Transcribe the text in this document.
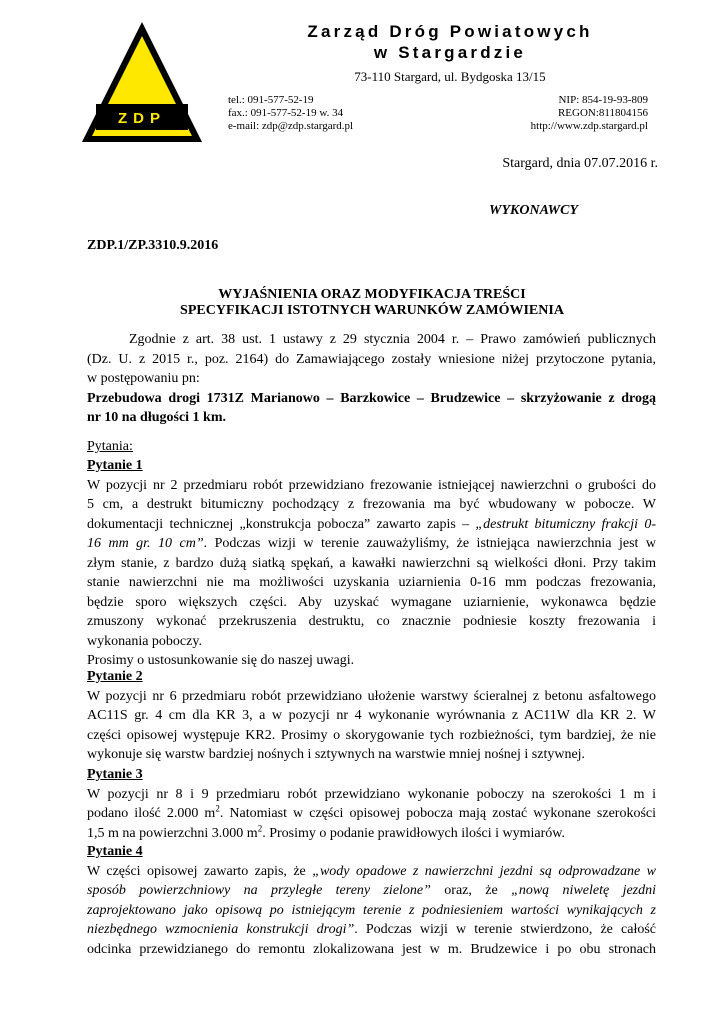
ZDP
Zarząd Dróg Powiatowych
w Stargardzie
73-110 Stargard, ul. Bydgoska 13/15
tel.: 091-577-52-19
fax.: 091-577-52-19 w. 34
e-mail: zdp@zdp.stargard.pl
NIP: 854-19-93-809
REGON:811804156
http://www.zdp.stargard.pl
Stargard, dnia 07.07.2016 r.
WYKONAWCY
ZDP.1/ZP.3310.9.2016
WYJAŚNIENIA ORAZ MODYFIKACJA TREŚCI
SPECYFIKACJI ISTOTNYCH WARUNKÓW ZAMÓWIENIA
Zgodnie z art. 38 ust. 1 ustawy z 29 stycznia 2004 r. – Prawo zamówień publicznych
(Dz. U. z 2015 r., poz. 2164) do Zamawiającego zostały wniesione niżej przytoczone pytania,
w postępowaniu pn:
Przebudowa drogi 1731Z Marianowo – Barzkowice – Brudzewice – skrzyżowanie z drogą
nr 10 na długości 1 km.
Pytania:
Pytanie 1
W pozycji nr 2 przedmiaru robót przewidziano frezowanie istniejącej nawierzchni o grubości do
5 cm, a destrukt bitumiczny pochodzący z frezowania ma być wbudowany w pobocze. W
dokumentacji technicznej „konstrukcja pobocza” zawarto zapis – „destrukt bitumiczny frakcji 0-
16 mm gr. 10 cm”. Podczas wizji w terenie zauważyliśmy, że istniejąca nawierzchnia jest w
złym stanie, z bardzo dużą siatką spękań, a kawałki nawierzchni są wielkości dłoni. Przy takim
stanie nawierzchni nie ma możliwości uzyskania uziarnienia 0-16 mm podczas frezowania,
będzie sporo większych części. Aby uzyskać wymagane uziarnienie, wykonawca będzie
zmuszony wykonać przekruszenia destruktu, co znacznie podniesie koszty frezowania i
wykonania poboczy.
Prosimy o ustosunkowanie się do naszej uwagi.
Pytanie 2
W pozycji nr 6 przedmiaru robót przewidziano ułożenie warstwy ścieralnej z betonu asfaltowego
AC11S gr. 4 cm dla KR 3, a w pozycji nr 4 wykonanie wyrównania z AC11W dla KR 2. W
części opisowej występuje KR2. Prosimy o skorygowanie tych rozbieżności, tym bardziej, że nie
wykonuje się warstw bardziej nośnych i sztywnych na warstwie mniej nośnej i sztywnej.
Pytanie 3
W pozycji nr 8 i 9 przedmiaru robót przewidziano wykonanie poboczy na szerokości 1 m i
podano ilość 2.000 $m^2$. Natomiast w części opisowej pobocza mają zostać wykonane szerokości
1,5 m na powierzchni 3.000 $m^2$. Prosimy o podanie prawidłowych ilości i wymiarów.
Pytanie 4
W części opisowej zawarto zapis, że „wody opadowe z nawierzchni jezdni są odprowadzane w
sposób powierzchniowy na przyległe tereny zielone” oraz, że „nową niweletę jezdni
zaprojektowano jako opisową po istniejącym terenie z podniesieniem wartości wynikających z
niezbędnego wzmocnienia konstrukcji drogi”. Podczas wizji w terenie stwierdzono, że całość
odcinka przewidzianego do remontu zlokalizowana jest w m. Brudzewice i po obu stronach
